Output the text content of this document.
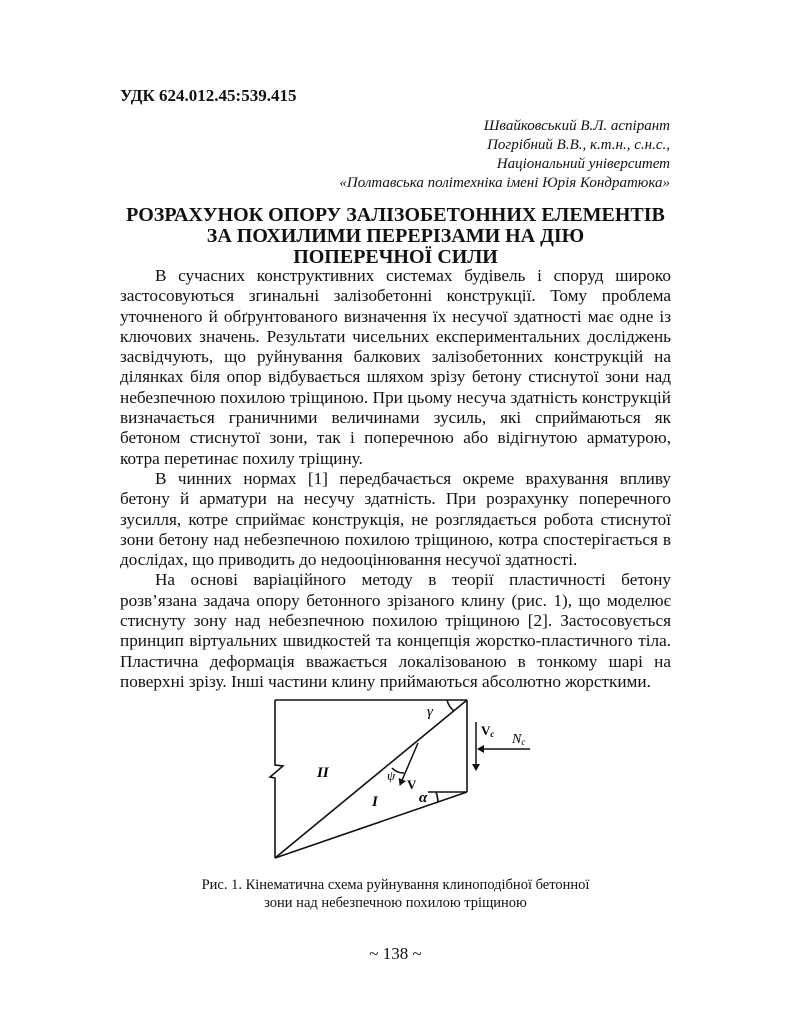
УДК 624.012.45:539.415
Швайковський В.Л. аспірант
Погрібний В.В., к.т.н., с.н.с.,
Національний університет
«Полтавська політехніка імені Юрія Кондратюка»
РОЗРАХУНОК ОПОРУ ЗАЛІЗОБЕТОННИХ ЕЛЕМЕНТІВ
ЗА ПОХИЛИМИ ПЕРЕРІЗАМИ НА ДІЮ
ПОПЕРЕЧНОЇ СИЛИ

В сучасних конструктивних системах будівель і споруд широко застосовуються згинальні залізобетонні конструкції. Тому проблема уточненого й обґрунтованого визначення їх несучої здатності має одне із ключових значень. Результати чисельних експериментальних досліджень засвідчують, що руйнування балкових залізобетонних конструкцій на ділянках біля опор відбувається шляхом зрізу бетону стиснутої зони над небезпечною похилою тріщиною. При цьому несуча здатність конструкцій визначається граничними величинами зусиль, які сприймаються як бетоном стиснутої зони, так і поперечною або відігнутою арматурою, котра перетинає похилу тріщину.

В чинних нормах [1] передбачається окреме врахування впливу бетону й арматури на несучу здатність. При розрахунку поперечного зусилля, котре сприймає конструкція, не розглядається робота стиснутої зони бетону над небезпечною похилою тріщиною, котра спостерігається в дослідах, що приводить до недооцінювання несучої здатності.

На основі варіаційного методу в теорії пластичності бетону розв’язана задача опору бетонного зрізаного клину (рис. 1), що моделює стиснуту зону над небезпечною похилою тріщиною [2]. Застосовується принцип віртуальних швидкостей та концепція жорстко-пластичного тіла. Пластична деформація вважається локалізованою в тонкому шарі на поверхні зрізу. Інші частини клину приймаються абсолютно жорсткими.

γ
Vc Nc
II	ψ
V
α
I
Рис. 1. Кінематична схема руйнування клиноподібної бетонної
зони над небезпечною похилою тріщиною
~ 138 ~
